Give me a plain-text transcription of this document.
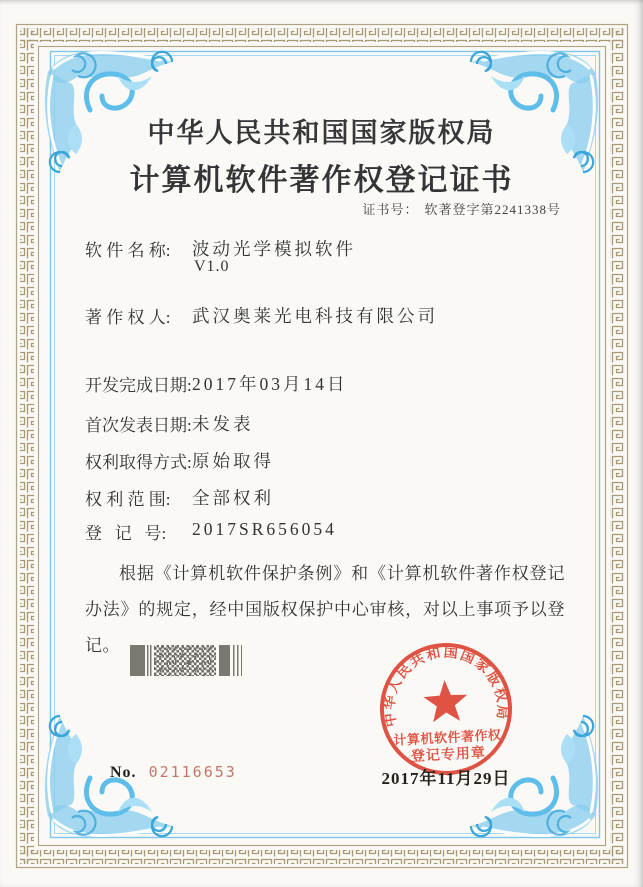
中华人民共和国国家版权局
计算机软件著作权登记证书
证书号： 软著登字第2241338号
软 件 名 称: 波动光学模拟软件
V1.0
著 作 权 人: 武汉奥莱光电科技有限公司
开发完成日期:2017年03月14日
首次发表日期:未发表
权利取得方式:原始取得
权 利 范 围: 全部权利
登   记   号: 2017SR656054

根据《计算机软件保护条例》和《计算机软件著作权登记办法》的规定，经中国版权保护中心审核，对以上事项予以登记。

中华人民共和国国家版权局
计算机软件著作权
登记专用章
2017年11月29日
No. 02116653
